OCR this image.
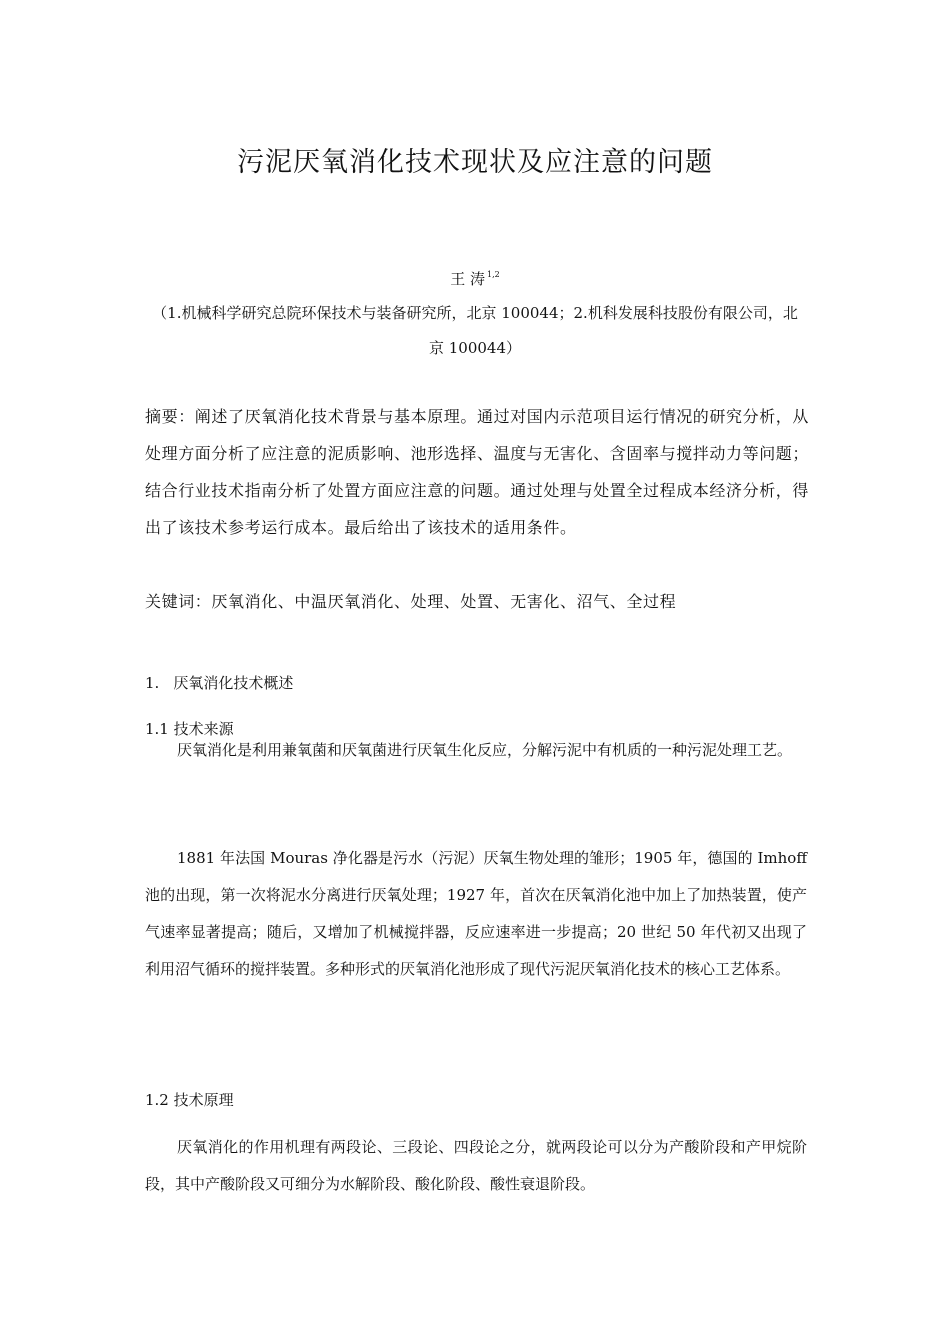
污泥厌氧消化技术现状及应注意的问题
王 涛 $^{1,2}$
（1.机械科学研究总院环保技术与装备研究所，北京 100044；2.机科发展科技股份有限公司，北京 100044）
摘要：阐述了厌氧消化技术背景与基本原理。通过对国内示范项目运行情况的研究分析，从处理方面分析了应注意的泥质影响、池形选择、温度与无害化、含固率与搅拌动力等问题；结合行业技术指南分析了处置方面应注意的问题。通过处理与处置全过程成本经济分析，得出了该技术参考运行成本。最后给出了该技术的适用条件。
关键词：厌氧消化、中温厌氧消化、处理、处置、无害化、沼气、全过程
1. 厌氧消化技术概述
1.1 技术来源
厌氧消化是利用兼氧菌和厌氧菌进行厌氧生化反应，分解污泥中有机质的一种污泥处理工艺。
1881 年法国 Mouras 净化器是污水（污泥）厌氧生物处理的雏形；1905 年，德国的 Imhoff 池的出现，第一次将泥水分离进行厌氧处理；1927 年，首次在厌氧消化池中加上了加热装置，使产气速率显著提高；随后，又增加了机械搅拌器，反应速率进一步提高；20 世纪 50 年代初又出现了利用沼气循环的搅拌装置。多种形式的厌氧消化池形成了现代污泥厌氧消化技术的核心工艺体系。
1.2 技术原理
厌氧消化的作用机理有两段论、三段论、四段论之分，就两段论可以分为产酸阶段和产甲烷阶段，其中产酸阶段又可细分为水解阶段、酸化阶段、酸性衰退阶段。
